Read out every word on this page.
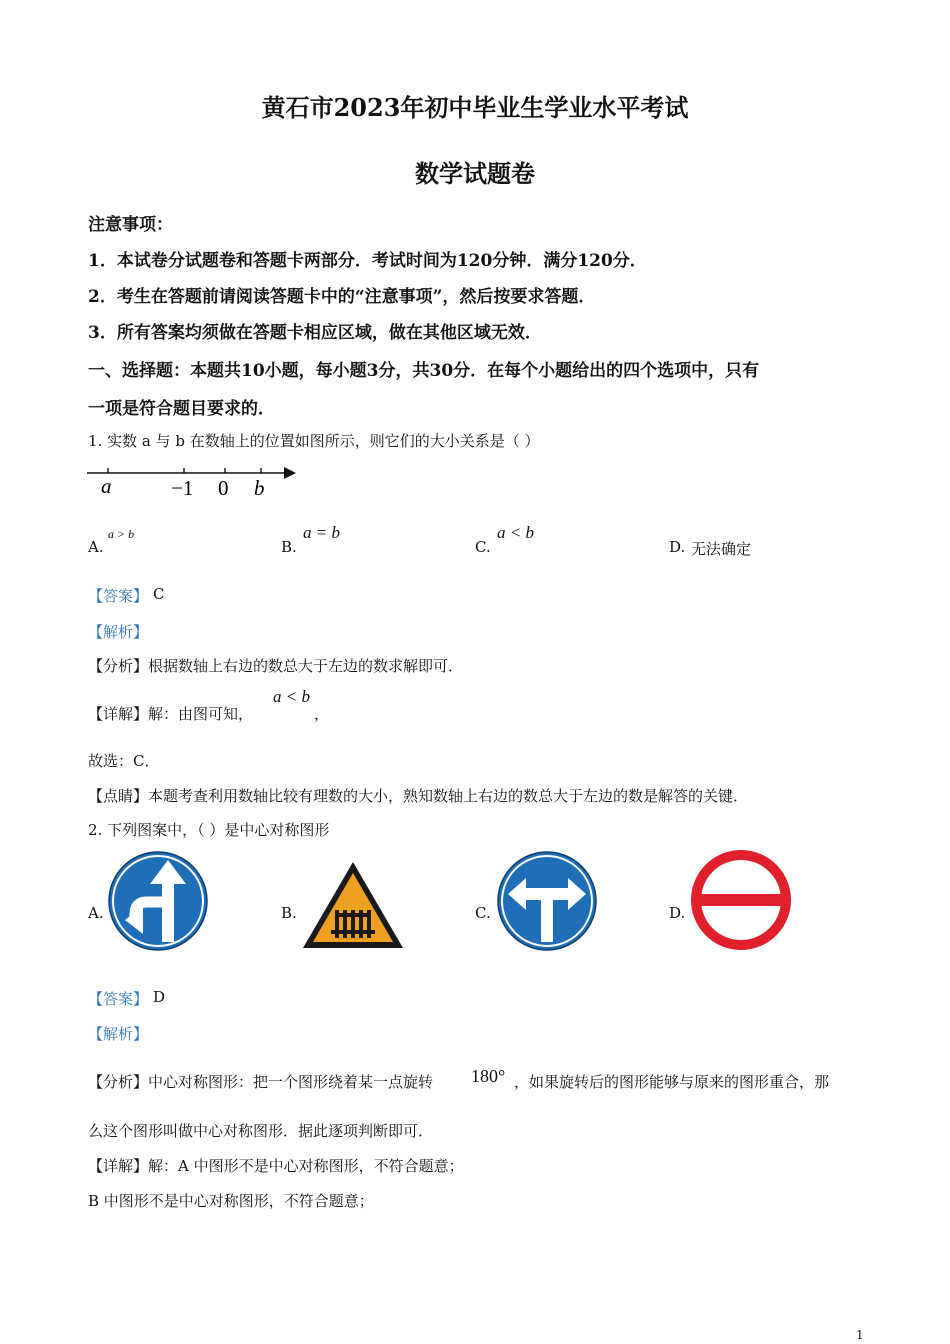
黄石市2023年初中毕业生学业水平考试
数学试题卷
注意事项：
1．本试卷分试题卷和答题卡两部分．考试时间为120分钟．满分120分．
2．考生在答题前请阅读答题卡中的“注意事项”，然后按要求答题．
3．所有答案均须做在答题卡相应区域，做在其他区域无效．
一、选择题：本题共10小题，每小题3分，共30分．在每个小题给出的四个选项中，只有
一项是符合题目要求的．
1. 实数 a 与 b 在数轴上的位置如图所示，则它们的大小关系是（ ）
a	−1 0 b
A.
a > b
B.
a = b
C.
a < b
D. 无法确定
【答案】 C
【解析】
【分析】根据数轴上右边的数总大于左边的数求解即可．
【详解】解：由图可知，
a < b
，
故选：C．
【点睛】本题考查利用数轴比较有理数的大小，熟知数轴上右边的数总大于左边的数是解答的关键．
2. 下列图案中，（ ）是中心对称图形
A.	B.	C.	D.
【答案】 D
【解析】
【分析】中心对称图形：把一个图形绕着某一点旋转 180° ，如果旋转后的图形能够与原来的图形重合，那
么这个图形叫做中心对称图形．据此逐项判断即可．
【详解】解：A 中图形不是中心对称图形，不符合题意；
B 中图形不是中心对称图形，不符合题意；
1
